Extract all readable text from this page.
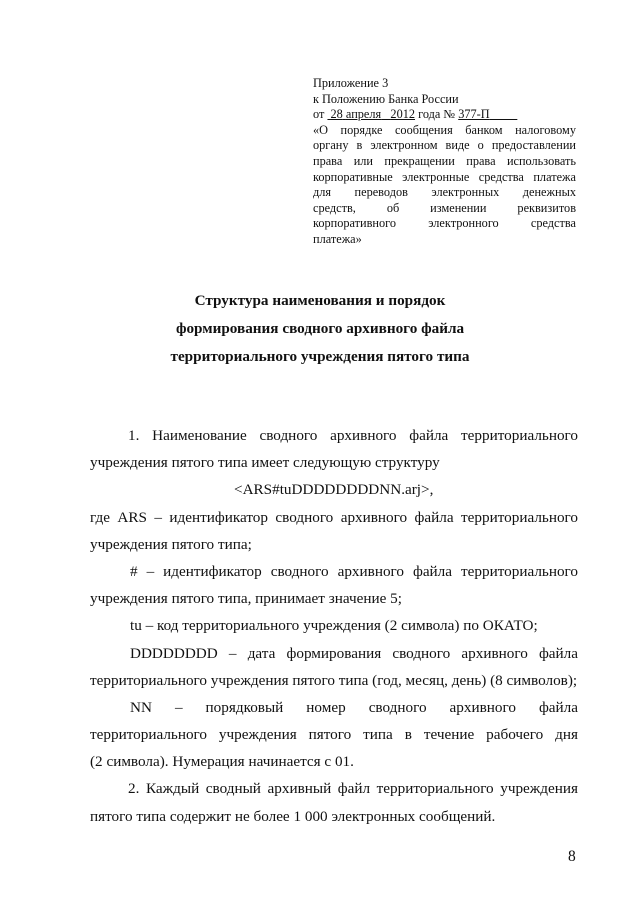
Приложение 3
к Положению Банка России
от 28 апреля 2012 года № 377-П
«О порядке сообщения банком налоговому
органу в электронном виде о предоставлении
права или прекращении права использовать
корпоративные электронные средства платежа
для переводов электронных денежных
средств, об изменении реквизитов
корпоративного электронного средства
платежа»
Структура наименования и порядок
формирования сводного архивного файла
территориального учреждения пятого типа
1. Наименование сводного архивного файла территориального
учреждения пятого типа имеет следующую структуру
<ARS#tuDDDDDDDDNN.arj>,
где ARS – идентификатор сводного архивного файла территориального
учреждения пятого типа;
# – идентификатор сводного архивного файла территориального
учреждения пятого типа, принимает значение 5;
tu – код территориального учреждения (2 символа) по ОКАТО;
DDDDDDDD – дата формирования сводного архивного файла
территориального учреждения пятого типа (год, месяц, день) (8 символов);
NN – порядковый номер сводного архивного файла
территориального учреждения пятого типа в течение рабочего дня
(2 символа). Нумерация начинается с 01.
2. Каждый сводный архивный файл территориального учреждения
пятого типа содержит не более 1 000 электронных сообщений.
8
